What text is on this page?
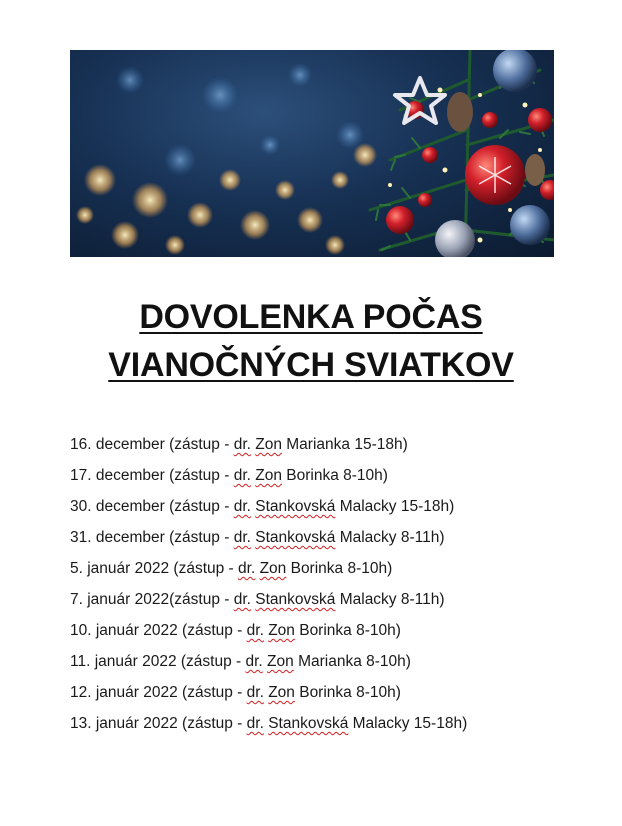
DOVOLENKA POČAS
VIANOČNÝCH SVIATKOV
16. december (zástup - dr. Zon Marianka 15-18h)
17. december (zástup - dr. Zon Borinka 8-10h)
30. december (zástup - dr. Stankovská Malacky 15-18h)
31. december (zástup - dr. Stankovská Malacky 8-11h)
5. január 2022 (zástup - dr. Zon Borinka 8-10h)
7. január 2022(zástup - dr. Stankovská Malacky 8-11h)
10. január 2022 (zástup - dr. Zon Borinka 8-10h)
11. január 2022 (zástup - dr. Zon Marianka 8-10h)
12. január 2022 (zástup - dr. Zon Borinka 8-10h)
13. január 2022 (zástup - dr. Stankovská Malacky 15-18h)
